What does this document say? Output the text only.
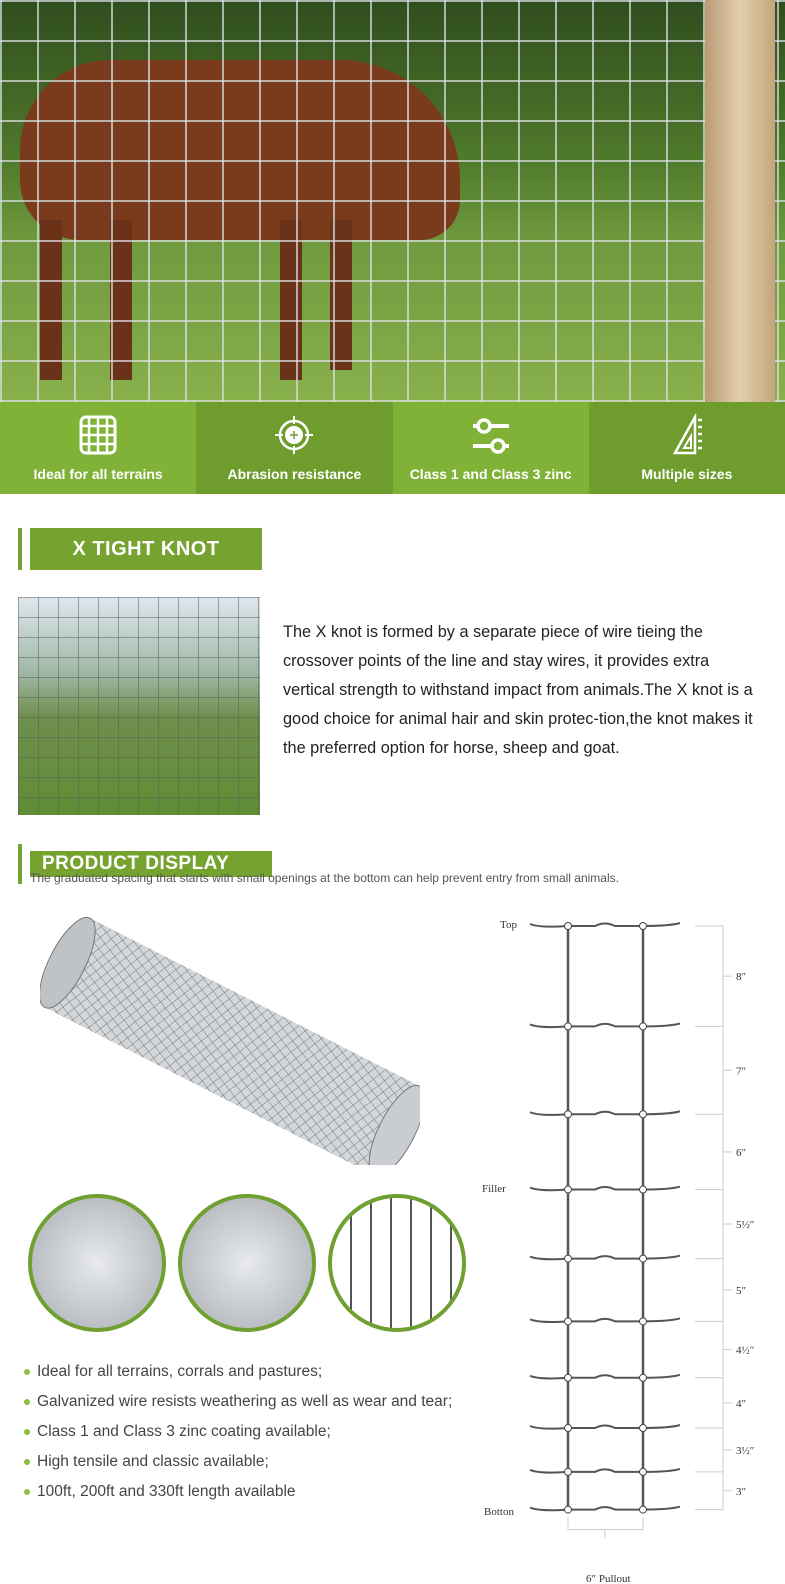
Ideal for all terrains	Abrasion resistance	Class 1 and Class 3 zinc	Multiple sizes
X TIGHT KNOT

The X knot is formed by a separate piece of wire tieing the crossover points of the line and stay wires, it provides extra vertical strength to withstand impact from animals.The X knot is a good choice for animal hair and skin protec-tion,the knot makes it the preferred option for horse, sheep and goat.

PRODUCT DISPLAY
The graduated spacing that starts with small openings at the bottom can help prevent entry from small animals.
Ideal for all terrains, corrals and pastures;
Galvanized wire resists weathering as well as wear and tear;
Class 1 and Class 3 zinc coating available;
High tensile and classic available;
100ft, 200ft and 330ft length available
Top
Filler
Botton
6″ Pullout
8″
7″
6″
5½″
5″
4½″
4″
3½″
3″
